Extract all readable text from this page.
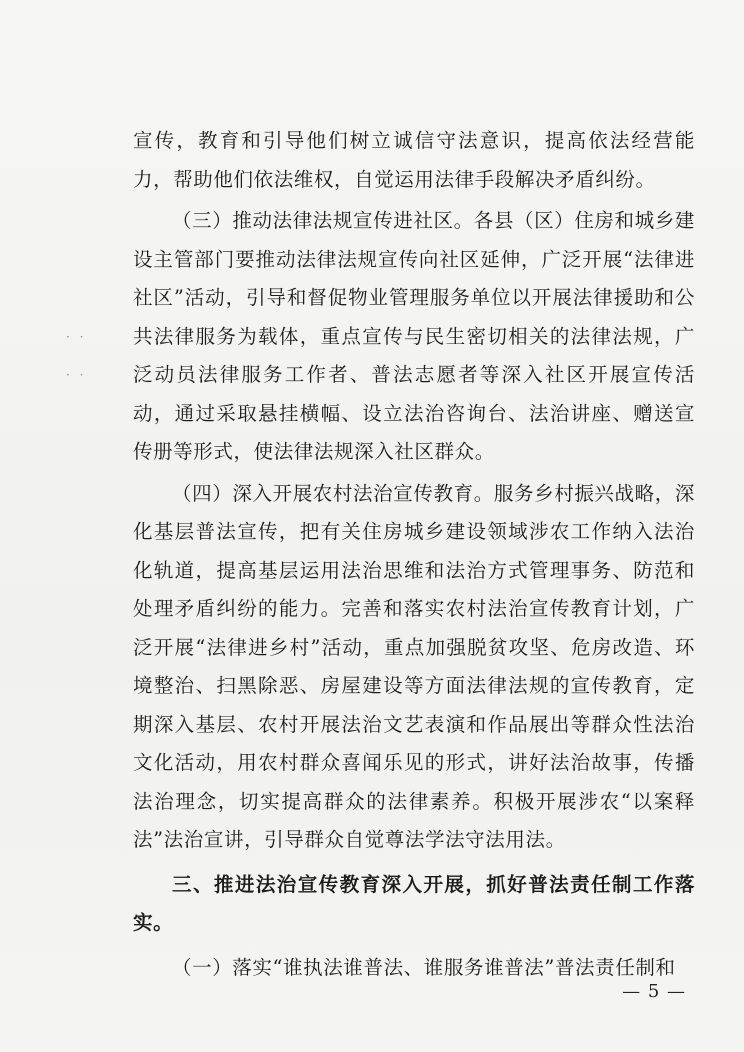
· ·
· ·

宣传，教育和引导他们树立诚信守法意识，提高依法经营能力，帮助他们依法维权，自觉运用法律手段解决矛盾纠纷。

（三）推动法律法规宣传进社区。各县（区）住房和城乡建设主管部门要推动法律法规宣传向社区延伸，广泛开展“法律进社区”活动，引导和督促物业管理服务单位以开展法律援助和公共法律服务为载体，重点宣传与民生密切相关的法律法规，广泛动员法律服务工作者、普法志愿者等深入社区开展宣传活动，通过采取悬挂横幅、设立法治咨询台、法治讲座、赠送宣传册等形式，使法律法规深入社区群众。

（四）深入开展农村法治宣传教育。服务乡村振兴战略，深化基层普法宣传，把有关住房城乡建设领域涉农工作纳入法治化轨道，提高基层运用法治思维和法治方式管理事务、防范和处理矛盾纠纷的能力。完善和落实农村法治宣传教育计划，广泛开展“法律进乡村”活动，重点加强脱贫攻坚、危房改造、环境整治、扫黑除恶、房屋建设等方面法律法规的宣传教育，定期深入基层、农村开展法治文艺表演和作品展出等群众性法治文化活动，用农村群众喜闻乐见的形式，讲好法治故事，传播法治理念，切实提高群众的法律素养。积极开展涉农“以案释法”法治宣讲，引导群众自觉尊法学法守法用法。

三、推进法治宣传教育深入开展，抓好普法责任制工作落实。

（一）落实“谁执法谁普法、谁服务谁普法”普法责任制和

— 5 —
